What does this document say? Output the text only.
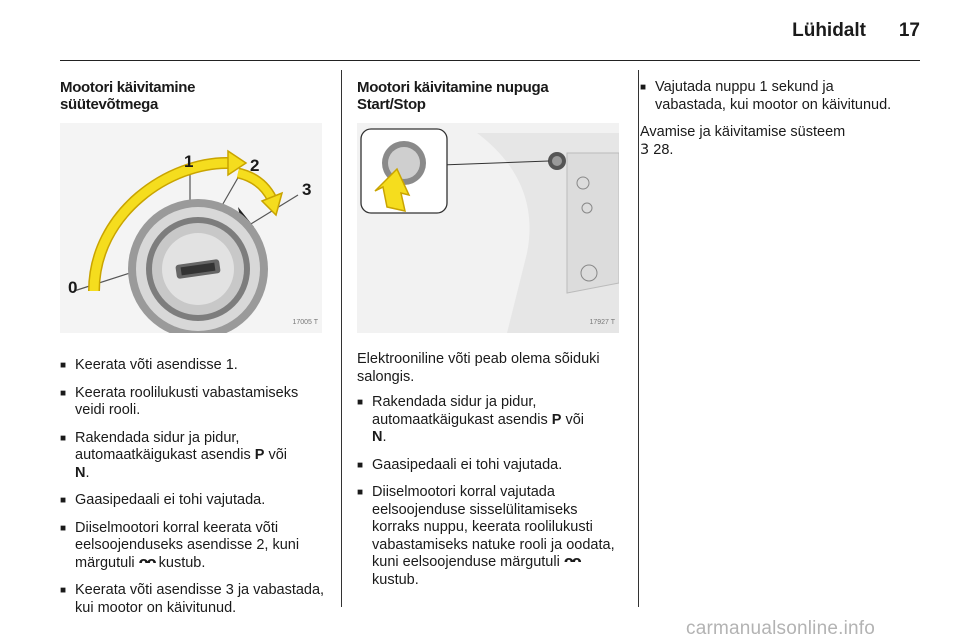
Lühidalt	17
Mootori käivitamine
süütevõtmega
0
1	2
3
17005 T
■ Keerata võti asendisse 1.
■ Keerata roolilukusti vabastamiseks veidi rooli.
■ Rakendada sidur ja pidur, automaatkäigukast asendis P või
N.
■ Gaasipedaali ei tohi vajutada.
■ Diiselmootori korral keerata võti eelsoojenduseks asendisse 2, kuni märgutuli ᴖᴖ kustub.
■ Keerata võti asendisse 3 ja vabastada, kui mootor on käivitunud.
Mootori käivitamine nupuga
Start/Stop
17927 T

Elektrooniline võti peab olema sõiduki salongis.

■ Rakendada sidur ja pidur, automaatkäigukast asendis P või
N.
■ Gaasipedaali ei tohi vajutada.
■ Diiselmootori korral vajutada eelsoojenduse sisselülitamiseks korraks nuppu, keerata roolilukusti vabastamiseks natuke rooli ja oodata, kuni eelsoojenduse märgutuli ᴖᴖ kustub.
■ Vajutada nuppu 1 sekund ja vabastada, kui mootor on käivitunud.

Avamise ja käivitamise süsteem
3 28.

carmanualsonline.info
